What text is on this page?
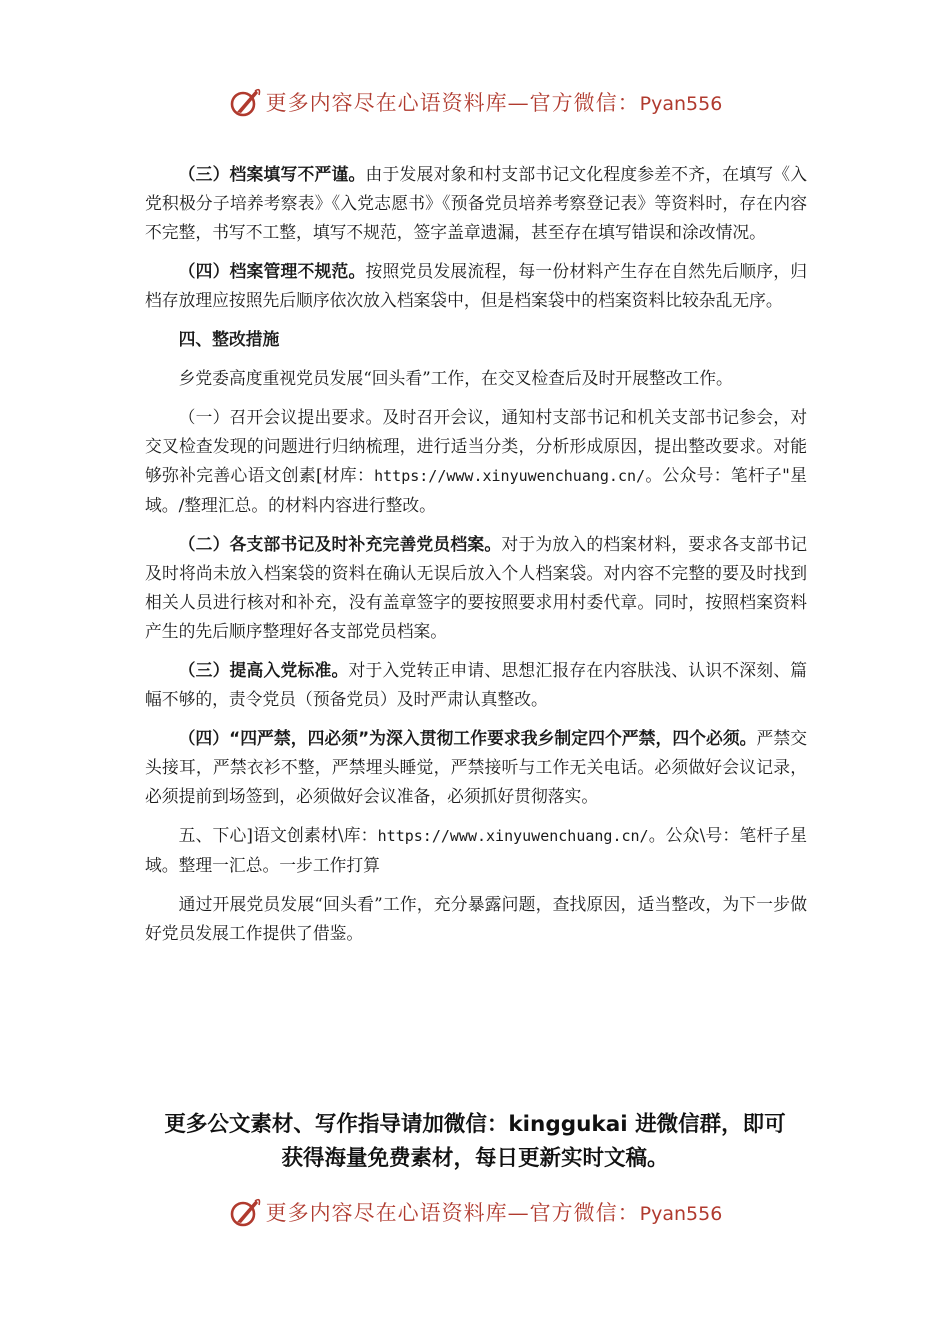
更多内容尽在心语资料库—官方微信：Pyan556

（三）档案填写不严谨。由于发展对象和村支部书记文化程度参差不齐，在填写《入党积极分子培养考察表》《入党志愿书》《预备党员培养考察登记表》等资料时，存在内容不完整，书写不工整，填写不规范，签字盖章遗漏，甚至存在填写错误和涂改情况。

（四）档案管理不规范。按照党员发展流程，每一份材料产生存在自然先后顺序，归档存放理应按照先后顺序依次放入档案袋中，但是档案袋中的档案资料比较杂乱无序。

四、整改措施

乡党委高度重视党员发展“回头看”工作，在交叉检查后及时开展整改工作。

（一）召开会议提出要求。及时召开会议，通知村支部书记和机关支部书记参会，对交叉检查发现的问题进行归纳梳理，进行适当分类，分析形成原因，提出整改要求。对能够弥补完善心语文创素[材库：https://www.xinyuwenchuang.cn/。公众号：笔杆子"星域。/整理汇总。的材料内容进行整改。

（二）各支部书记及时补充完善党员档案。对于为放入的档案材料，要求各支部书记及时将尚未放入档案袋的资料在确认无误后放入个人档案袋。对内容不完整的要及时找到相关人员进行核对和补充，没有盖章签字的要按照要求用村委代章。同时，按照档案资料产生的先后顺序整理好各支部党员档案。

（三）提高入党标准。对于入党转正申请、思想汇报存在内容肤浅、认识不深刻、篇幅不够的，责令党员（预备党员）及时严肃认真整改。

（四）“四严禁，四必须”为深入贯彻工作要求我乡制定四个严禁，四个必须。严禁交头接耳，严禁衣衫不整，严禁埋头睡觉，严禁接听与工作无关电话。必须做好会议记录，必须提前到场签到，必须做好会议准备，必须抓好贯彻落实。

五、下心]语文创素材\库：https://www.xinyuwenchuang.cn/。公众\号：笔杆子星域。整理一汇总。一步工作打算

通过开展党员发展“回头看”工作，充分暴露问题，查找原因，适当整改，为下一步做好党员发展工作提供了借鉴。

更多公文素材、写作指导请加微信：kinggukai 进微信群，即可
获得海量免费素材，每日更新实时文稿。
更多内容尽在心语资料库—官方微信：Pyan556
